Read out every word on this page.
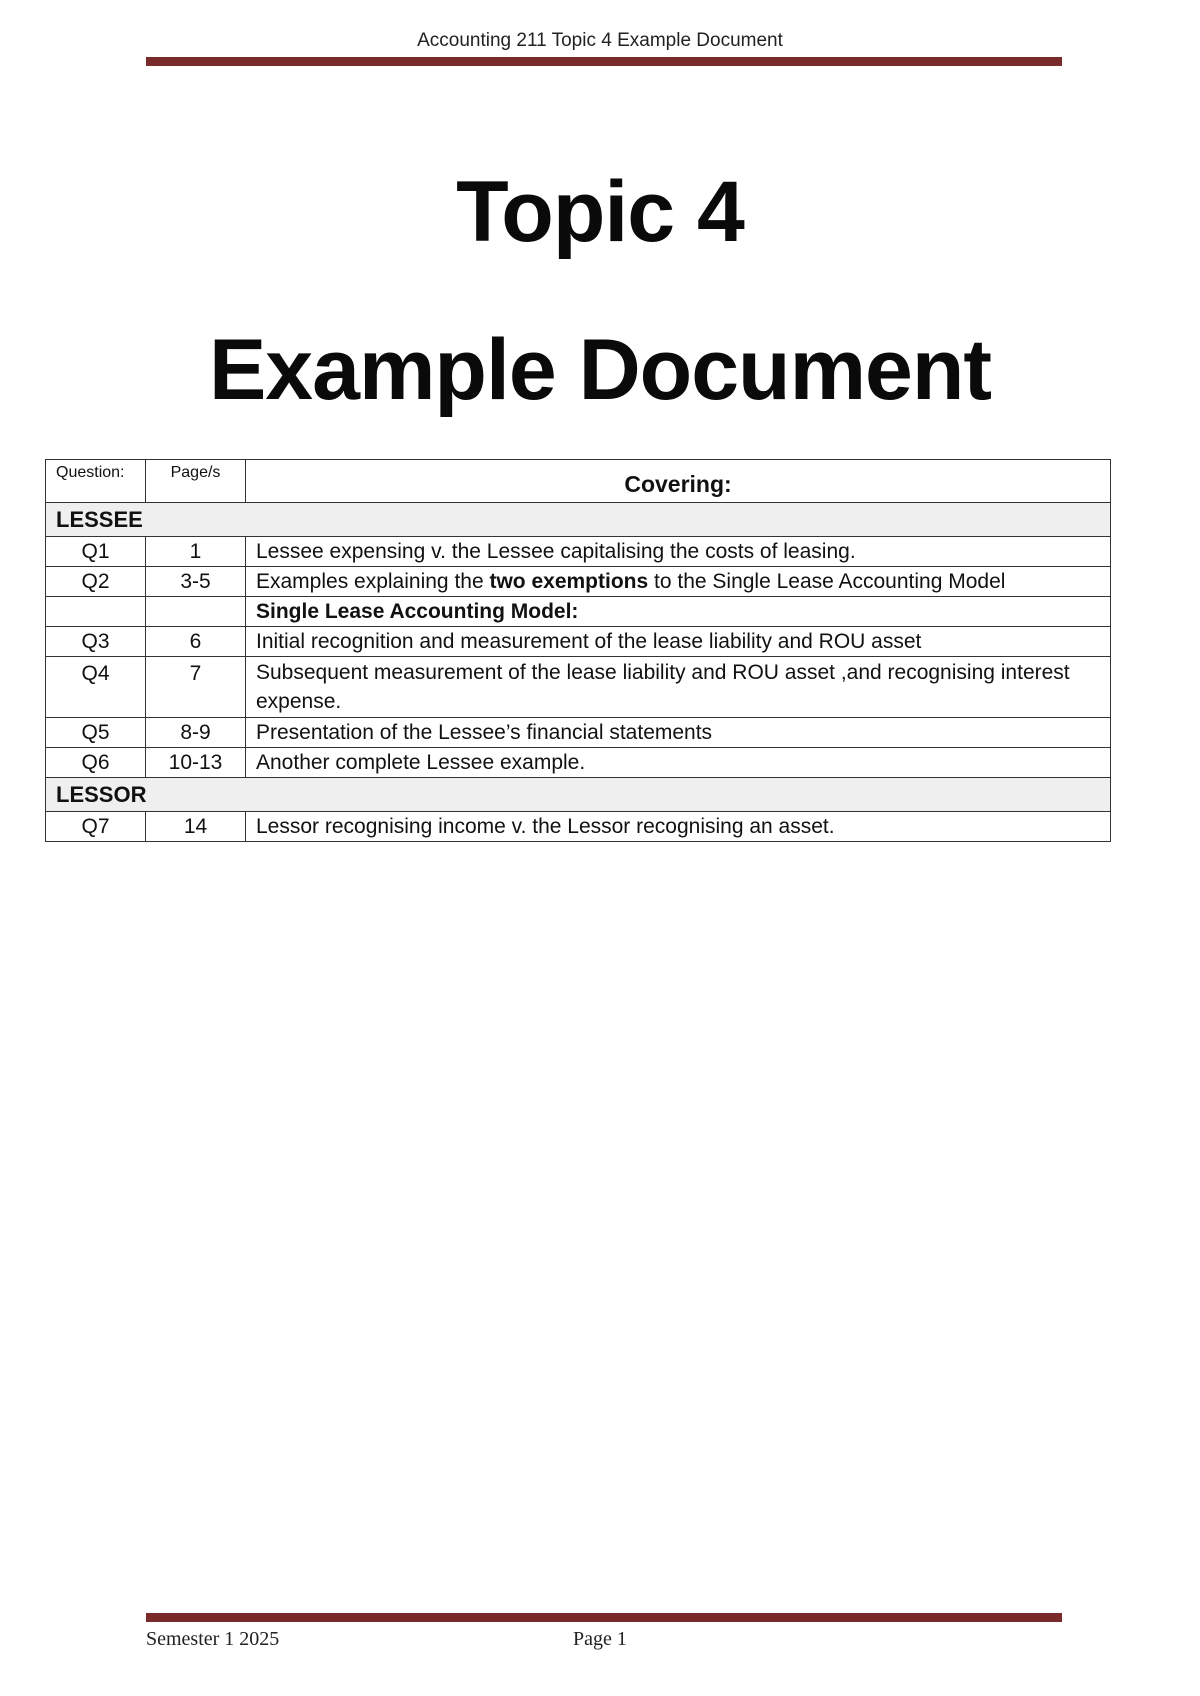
Accounting 211 Topic 4 Example Document
Topic 4
Example Document
Question:	Page/s	Covering:
LESSEE		
Q1	1	Lessee expensing v. the Lessee capitalising the costs of leasing.
Q2	3-5	Examples explaining the two exemptions to the Single Lease Accounting Model
		Single Lease Accounting Model:
Q3	6	Initial recognition and measurement of the lease liability and ROU asset
Q4	7	Subsequent measurement of the lease liability and ROU asset ,and recognising interest expense.
Q5	8-9	Presentation of the Lessee’s financial statements
Q6	10-13	Another complete Lessee example.
LESSOR		
Q7	14	Lessor recognising income v. the Lessor recognising an asset.
Semester 1 2025	Page 1
